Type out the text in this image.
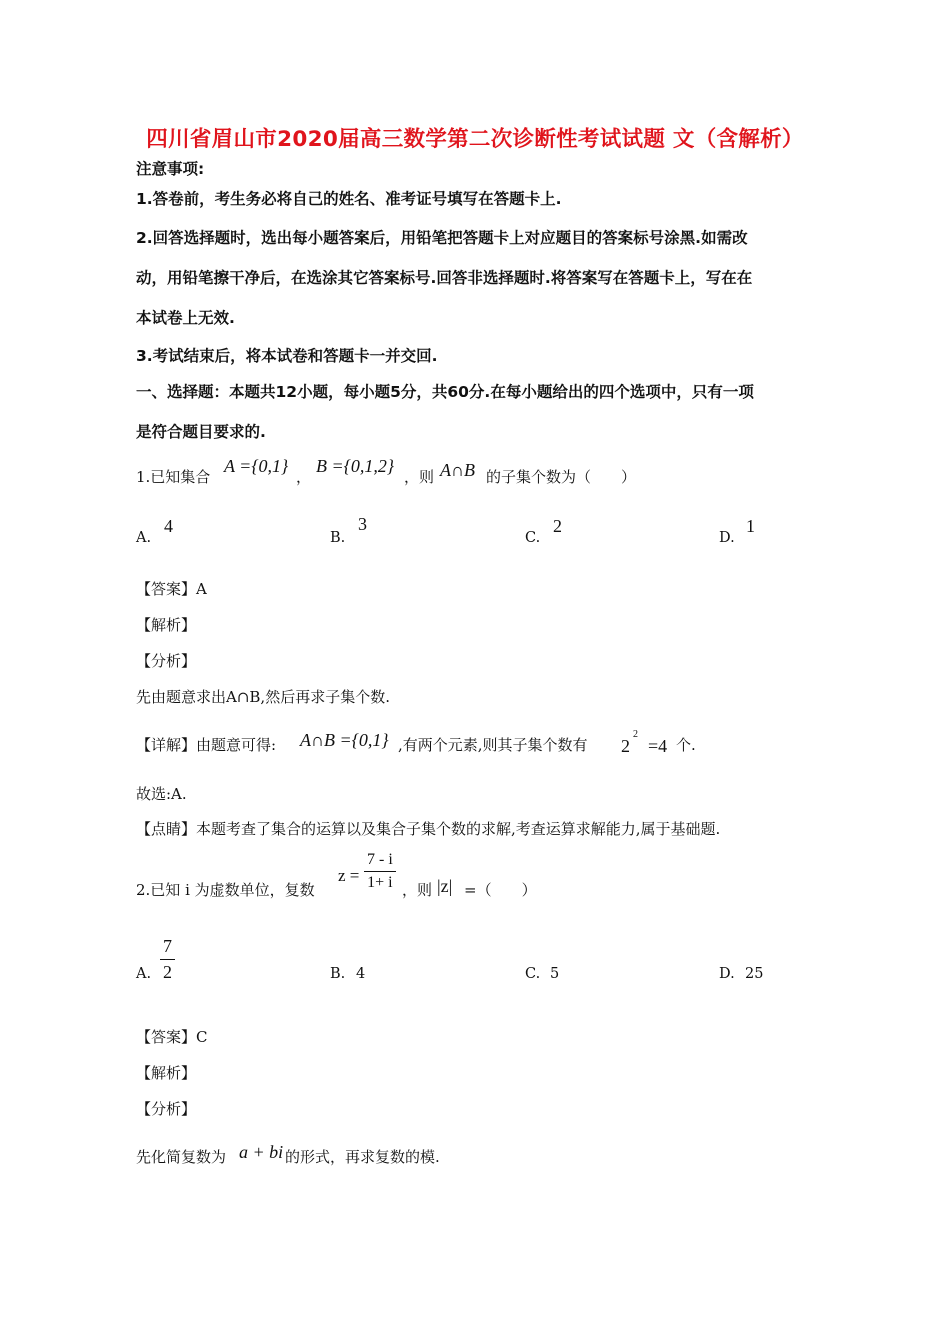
四川省眉山市2020届高三数学第二次诊断性考试试题 文（含解析）
注意事项:
1.答卷前，考生务必将自己的姓名、准考证号填写在答题卡上.
2.回答选择题时，选出每小题答案后，用铅笔把答题卡上对应题目的答案标号涂黑.如需改
动，用铅笔擦干净后，在选涂其它答案标号.回答非选择题时.将答案写在答题卡上，写在在
本试卷上无效.
3.考试结束后，将本试卷和答题卡一并交回.
一、选择题：本题共12小题，每小题5分，共60分.在每小题给出的四个选项中，只有一项
是符合题目要求的.
1.已知集合
A ={0,1}
，
B ={0,1,2}
，则 A∩B 的子集个数为（　　）
A.
4
B.
3
C.
2
D.
1
【答案】A
【解析】
【分析】
先由题意求出A∩B,然后再求子集个数.
【详解】由题意可得: A∩B ={0,1} ,有两个元素,则其子集个数有 2
2
=4 个.
故选:A.
【点睛】本题考查了集合的运算以及集合子集个数的求解,考查运算求解能力,属于基础题.
2.已知 i 为虚数单位，复数
$z = \frac{7 - i}{1+ i}$ ，则 |z| =（　　）
A. $\frac{7}{2}$	B. 4	C. 5	D. 25
【答案】C
【解析】
【分析】
先化简复数为 a + bi 的形式，再求复数的模.
